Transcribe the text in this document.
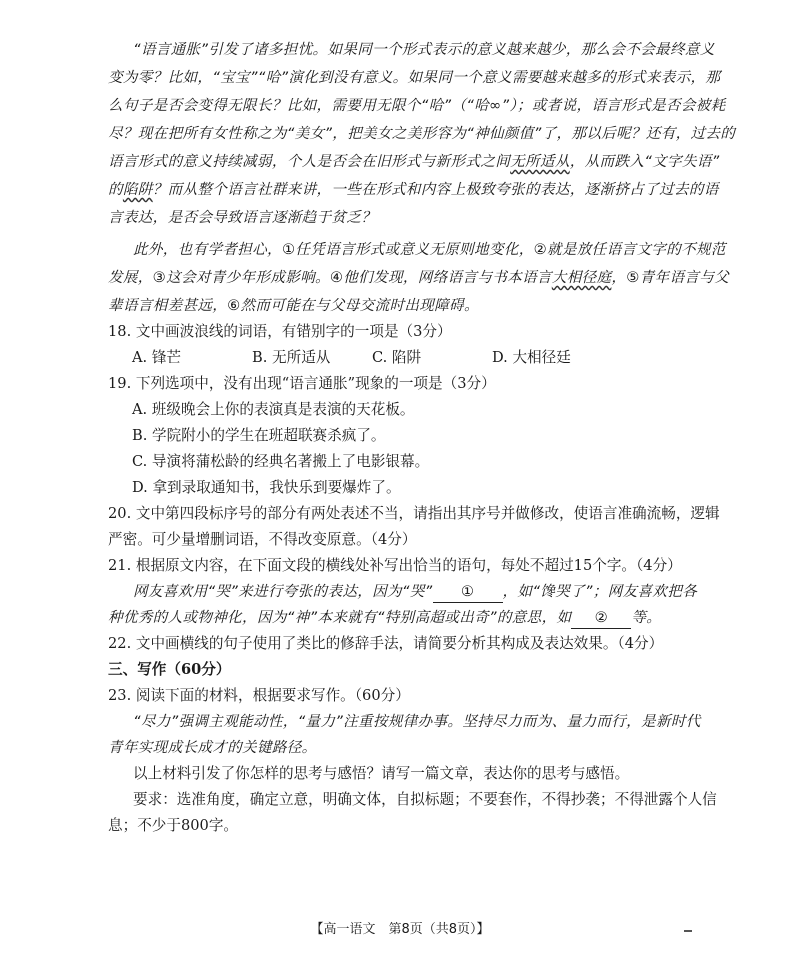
“语言通胀”引发了诸多担忧。如果同一个形式表示的意义越来越少，那么会不会最终意义
变为零？比如，“宝宝”“哈”演化到没有意义。如果同一个意义需要越来越多的形式来表示，那
么句子是否会变得无限长？比如，需要用无限个“哈”（“哈∞”）；或者说，语言形式是否会被耗
尽？现在把所有女性称之为“美女”，把美女之美形容为“神仙颜值”了，那以后呢？还有，过去的
语言形式的意义持续减弱，个人是否会在旧形式与新形式之间无所适从，从而跌入“文字失语”
的陷阱？而从整个语言社群来讲，一些在形式和内容上极致夸张的表达，逐渐挤占了过去的语
言表达，是否会导致语言逐渐趋于贫乏？
此外，也有学者担心，①任凭语言形式或意义无原则地变化，②就是放任语言文字的不规范
发展，③这会对青少年形成影响。④他们发现，网络语言与书本语言大相径庭，⑤青年语言与父
辈语言相差甚远，⑥然而可能在与父母交流时出现障碍。
18. 文中画波浪线的词语，有错别字的一项是（3分）
A. 锋芒	B. 无所适从	C. 陷阱	D. 大相径廷
19. 下列选项中，没有出现“语言通胀”现象的一项是（3分）
A. 班级晚会上你的表演真是表演的天花板。
B. 学院附小的学生在班超联赛杀疯了。
C. 导演将蒲松龄的经典名著搬上了电影银幕。
D. 拿到录取通知书，我快乐到要爆炸了。
20. 文中第四段标序号的部分有两处表述不当，请指出其序号并做修改，使语言准确流畅，逻辑
严密。可少量增删词语，不得改变原意。（4分）
21. 根据原文内容，在下面文段的横线处补写出恰当的语句，每处不超过15个字。（4分）
网友喜欢用“哭”来进行夸张的表达，因为“哭” ① ，如“馋哭了”；网友喜欢把各
种优秀的人或物神化，因为“神”本来就有“特别高超或出奇”的意思，如 ② 等。
22. 文中画横线的句子使用了类比的修辞手法，请简要分析其构成及表达效果。（4分）
三、写作（60分）
23. 阅读下面的材料，根据要求写作。（60分）
“尽力”强调主观能动性，“量力”注重按规律办事。坚持尽力而为、量力而行，是新时代
青年实现成长成才的关键路径。
以上材料引发了你怎样的思考与感悟？请写一篇文章，表达你的思考与感悟。
要求：选准角度，确定立意，明确文体，自拟标题；不要套作，不得抄袭；不得泄露个人信
息；不少于800字。
【高一语文　第8页（共8页）】
